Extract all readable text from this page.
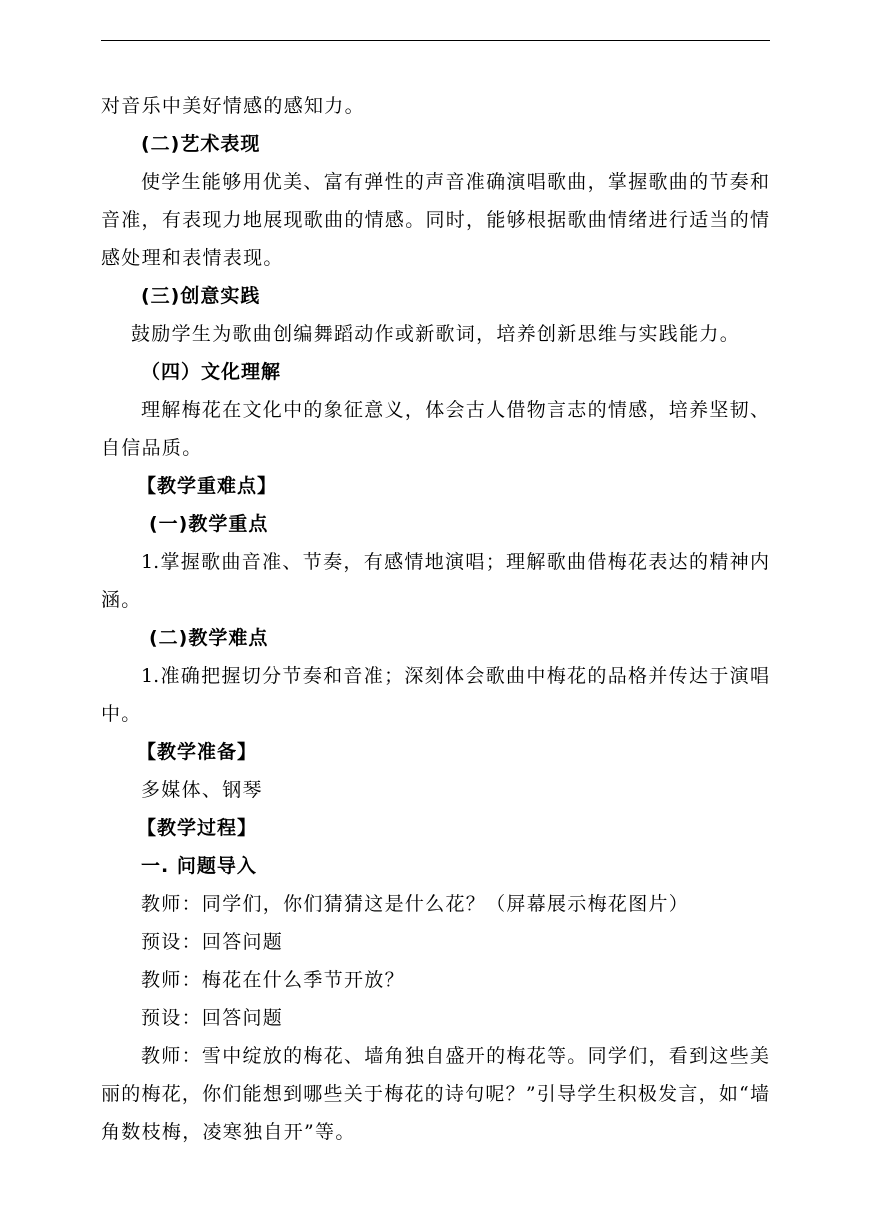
对音乐中美好情感的感知力。
(二)艺术表现
使学生能够用优美、富有弹性的声音准确演唱歌曲，掌握歌曲的节奏和
音准，有表现力地展现歌曲的情感。同时，能够根据歌曲情绪进行适当的情
感处理和表情表现。
(三)创意实践
鼓励学生为歌曲创编舞蹈动作或新歌词，培养创新思维与实践能力。
（四）文化理解
理解梅花在文化中的象征意义，体会古人借物言志的情感，培养坚韧、
自信品质。
【教学重难点】
(一)教学重点
1.掌握歌曲音准、节奏，有感情地演唱；理解歌曲借梅花表达的精神内
涵。
(二)教学难点
1.准确把握切分节奏和音准；深刻体会歌曲中梅花的品格并传达于演唱
中。
【教学准备】
多媒体、钢琴
【教学过程】
一. 问题导入
教师：同学们，你们猜猜这是什么花？（屏幕展示梅花图片）
预设：回答问题
教师：梅花在什么季节开放？
预设：回答问题
教师：雪中绽放的梅花、墙角独自盛开的梅花等。同学们，看到这些美
丽的梅花，你们能想到哪些关于梅花的诗句呢？”引导学生积极发言，如“墙
角数枝梅，凌寒独自开”等。
